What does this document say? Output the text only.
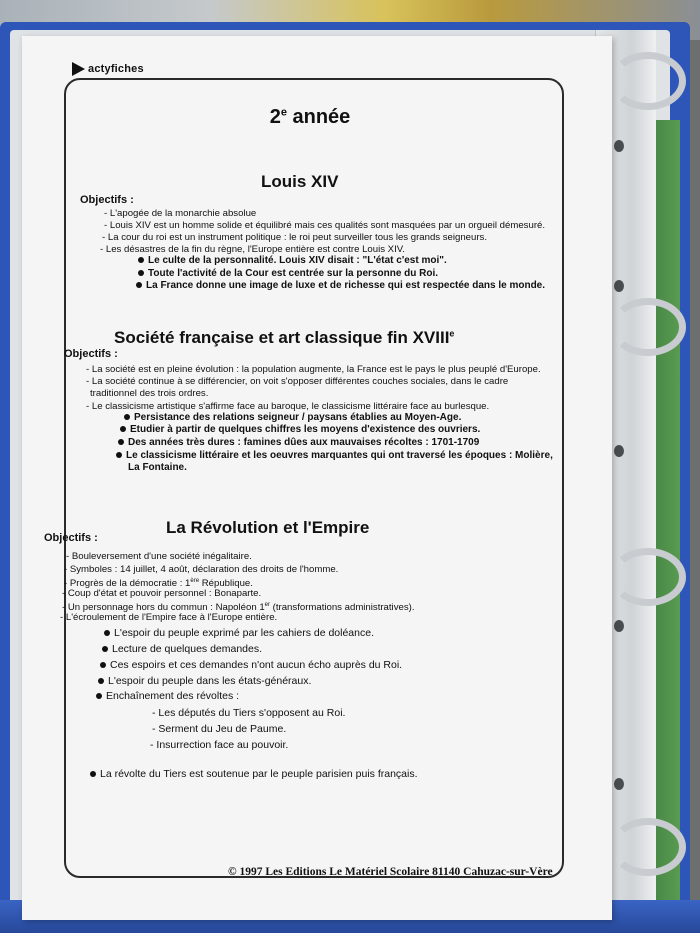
actyfiches
2e année
Louis XIV
Objectifs :
- L'apogée de la monarchie absolue
- Louis XIV est un homme solide et équilibré mais ces qualités sont masquées par un orgueil démesuré.
- La cour du roi est un instrument politique : le roi peut surveiller tous les grands seigneurs.
- Les désastres de la fin du règne, l'Europe entière est contre Louis XIV.
Le culte de la personnalité. Louis XIV disait : "L'état c'est moi".
Toute l'activité de la Cour est centrée sur la personne du Roi.
La France donne une image de luxe et de richesse qui est respectée dans le monde.
Société française et art classique fin XVIIIe
Objectifs :
- La société est en pleine évolution : la population augmente, la France est le pays le plus peuplé d'Europe.
- La société continue à se différencier, on voit s'opposer différentes couches sociales, dans le cadre
traditionnel des trois ordres.
- Le classicisme artistique s'affirme face au baroque, le classicisme littéraire face au burlesque.
Persistance des relations seigneur / paysans établies au Moyen-Age.
Etudier à partir de quelques chiffres les moyens d'existence des ouvriers.
Des années très dures : famines dûes aux mauvaises récoltes : 1701-1709
Le classicisme littéraire et les oeuvres marquantes qui ont traversé les époques : Molière,
La Fontaine.
La Révolution et l'Empire
Objectifs :
- Bouleversement d'une société inégalitaire.
- Symboles : 14 juillet, 4 août, déclaration des droits de l'homme.
- Progrès de la démocratie : 1ère République.
- Coup d'état et pouvoir personnel : Bonaparte.
- Un personnage hors du commun : Napoléon 1er (transformations administratives).
- L'écroulement de l'Empire face à l'Europe entière.
L'espoir du peuple exprimé par les cahiers de doléance.
Lecture de quelques demandes.
Ces espoirs et ces demandes n'ont aucun écho auprès du Roi.
L'espoir du peuple dans les états-généraux.
Enchaînement des révoltes :
- Les députés du Tiers s'opposent au Roi.
- Serment du Jeu de Paume.
- Insurrection face au pouvoir.
La révolte du Tiers est soutenue par le peuple parisien puis français.
© 1997 Les Editions Le Matériel Scolaire 81140 Cahuzac-sur-Vère
